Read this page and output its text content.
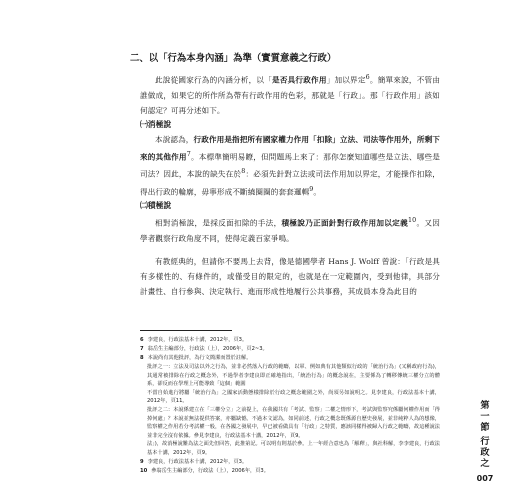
二、以「行為本身內涵」為準（實質意義之行政）

此說從國家行為的內涵分析，以「是否具行政作用」加以界定$^6$。簡單來說，不管由誰做成，如果它的所作所為帶有行政作用的色彩，那就是「行政」。那「行政作用」該如何認定？可再分述如下。

㈠消極說

本說認為，行政作用是指把所有國家權力作用「扣除」立法、司法等作用外，所剩下來的其他作用$^7$。本標準簡明易瞭，但問題馬上來了：那你怎麼知道哪些是立法、哪些是司法？因此，本說的缺失在於$^8$：必須先針對立法或司法作用加以界定，才能操作扣除，得出行政的輪廓，毋寧形成不斷繞圈圈的套套邏輯$^9$。

㈡積極說

相對消極說，是採反面扣除的手法，積極說乃正面針對行政作用加以定義$^{10}$。又因學者觀察行政角度不同，使得定義百家爭鳴。

有教經典的，但請你不要馬上去背，像是德國學者 Hans J. Wolff 曾說：「行政是具有多樣性的、有條件的，或僅受目的限定的，也就是在一定範圍內，受到他律，具部分計畫性、自行參與、決定執行、進而形成性地履行公共事務，其成員本身為此目的

6 李建良，行政法基本十講，2012年，頁3。

7 翁岳生主編部分，行政法（上），2006年，頁2~3。

8 本說尚有其他批評，為行文簡潔而置於註解。

批評之一：立法及司法以外之行為，並非必然落入行政的範疇，以軍、例如典有其他類似行政的「統治行為」(又稱政府行為)，其通常被排除在行政之概念外，不過學者李建良即正確地指出，「統治行為」的概念說在，主要係為了轉移傳統三權分立的體系，卻反而在學理上可能導致「這個」範圍

不當自始進行將屬「統治行為」之國家活動態樣排除於行政之概念範圍之外，尚須另如說明之。見李建良，行政法基本十講，2012年，頁11。

批評之二：本說係建立在「三權分立」之前提上，在我國共有「考試、監察」二權之情形下，考試與監察究係屬何權作用而「得掉何處」？本說並無法提供答案，亦屬缺憾。不過本文認為，如同前述，行政之概念既係源自歷史發展，並非純粹人為的想像，監察權之作用若分考試權一般，在各國之發展中，早已被看做具有「行政」之特質，應該同樣得被歸入行政之範疇，故這種說法並非完全沒有依據。參見李建良，行政法基本十講，2012年，頁9。

法」)，故消極說難為法之面先但回答，此推第記。可以明有則基於參。上一年經合意也為「解釋」，與社科解，李李建良，行政法基本十講，2012年，頁9。

9 李建良，行政法基本十講，2012年，頁3。

10 參翁岳生主編部分，行政法（上），2006年，頁3。

第
一
節
行
政
之
007
